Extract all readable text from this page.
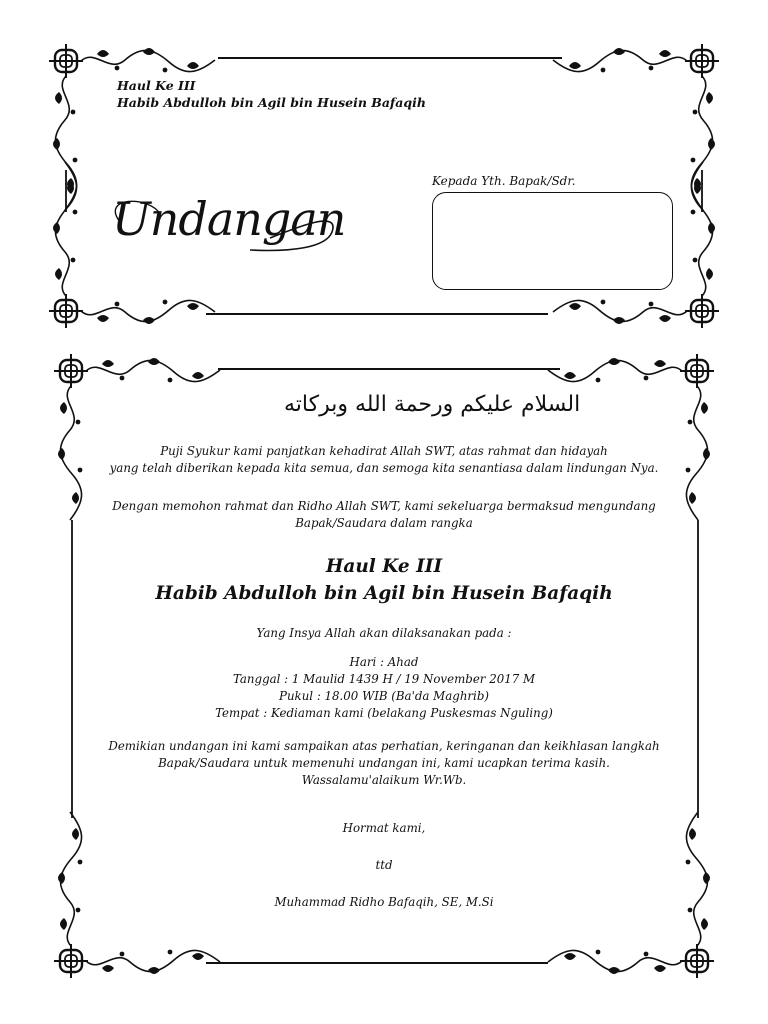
Haul Ke III
Habib Abdulloh bin Agil bin Husein Bafaqih
Undangan
Kepada Yth. Bapak/Sdr.
السلام عليكم ورحمة الله وبركاته
Puji Syukur kami panjatkan kehadirat Allah SWT, atas rahmat dan hidayah
yang telah diberikan kepada kita semua, dan semoga kita senantiasa dalam lindungan Nya.
Dengan memohon rahmat dan Ridho Allah SWT, kami sekeluarga bermaksud mengundang
Bapak/Saudara dalam rangka
Haul Ke III
Habib Abdulloh bin Agil bin Husein Bafaqih
Yang Insya Allah akan dilaksanakan pada :
Hari : Ahad
Tanggal : 1 Maulid 1439 H / 19 November 2017 M
Pukul : 18.00 WIB (Ba'da Maghrib)
Tempat : Kediaman kami (belakang Puskesmas Nguling)
Demikian undangan ini kami sampaikan atas perhatian, keringanan dan keikhlasan langkah
Bapak/Saudara untuk memenuhi undangan ini, kami ucapkan terima kasih.
Wassalamu'alaikum Wr.Wb.
Hormat kami,
ttd
Muhammad Ridho Bafaqih, SE, M.Si
